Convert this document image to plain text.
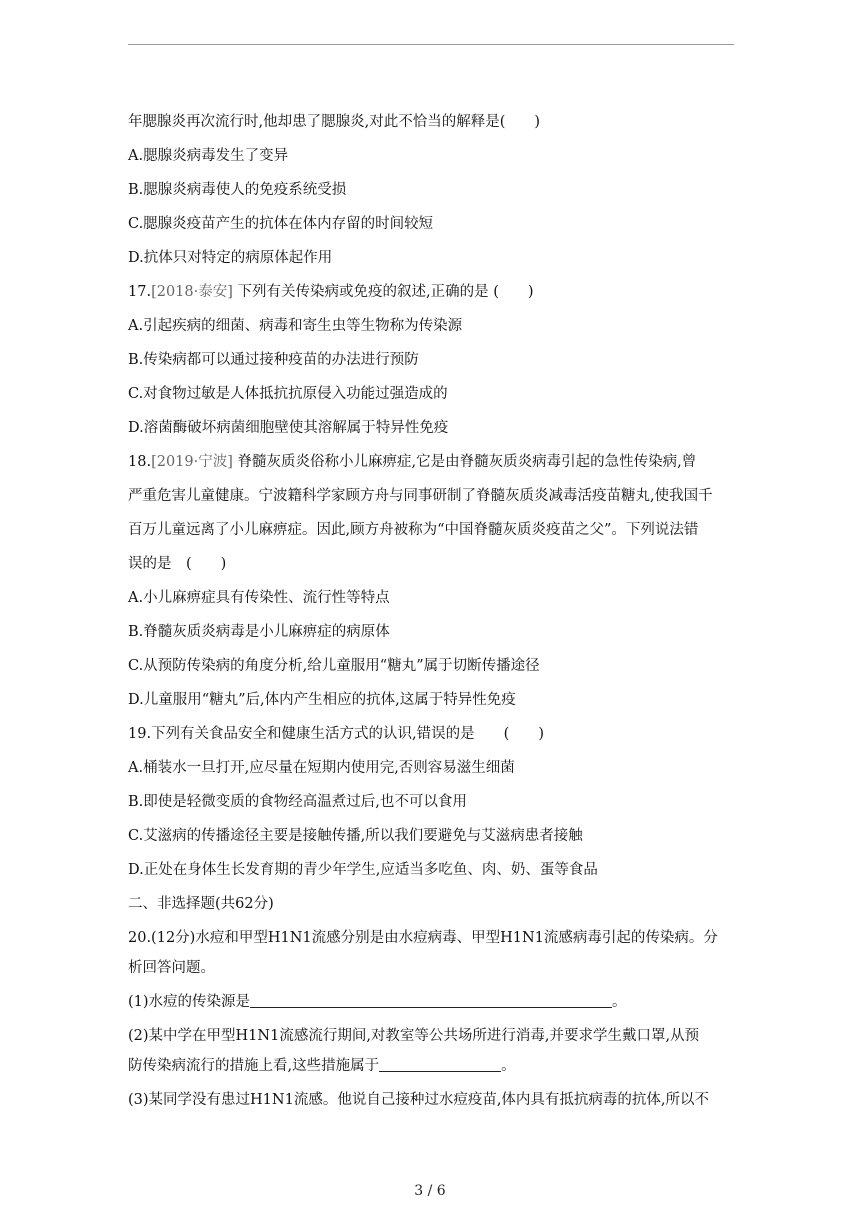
年腮腺炎再次流行时,他却患了腮腺炎,对此不恰当的解释是(　　)
A.腮腺炎病毒发生了变异
B.腮腺炎病毒使人的免疫系统受损
C.腮腺炎疫苗产生的抗体在体内存留的时间较短
D.抗体只对特定的病原体起作用
17.[2018·泰安] 下列有关传染病或免疫的叙述,正确的是 (　　)
A.引起疾病的细菌、病毒和寄生虫等生物称为传染源
B.传染病都可以通过接种疫苗的办法进行预防
C.对食物过敏是人体抵抗抗原侵入功能过强造成的
D.溶菌酶破坏病菌细胞壁使其溶解属于特异性免疫
18.[2019·宁波] 脊髓灰质炎俗称小儿麻痹症,它是由脊髓灰质炎病毒引起的急性传染病,曾
严重危害儿童健康。宁波籍科学家顾方舟与同事研制了脊髓灰质炎减毒活疫苗糖丸,使我国千
百万儿童远离了小儿麻痹症。因此,顾方舟被称为“中国脊髓灰质炎疫苗之父”。下列说法错
误的是　(　　)
A.小儿麻痹症具有传染性、流行性等特点
B.脊髓灰质炎病毒是小儿麻痹症的病原体
C.从预防传染病的角度分析,给儿童服用“糖丸”属于切断传播途径
D.儿童服用“糖丸”后,体内产生相应的抗体,这属于特异性免疫
19.下列有关食品安全和健康生活方式的认识,错误的是　　(　　)
A.桶装水一旦打开,应尽量在短期内使用完,否则容易滋生细菌
B.即使是轻微变质的食物经高温煮过后,也不可以食用
C.艾滋病的传播途径主要是接触传播,所以我们要避免与艾滋病患者接触
D.正处在身体生长发育期的青少年学生,应适当多吃鱼、肉、奶、蛋等食品
二、非选择题(共62分)
20.(12分)水痘和甲型H1N1流感分别是由水痘病毒、甲型H1N1流感病毒引起的传染病。分
析回答问题。
(1)水痘的传染源是	。
(2)某中学在甲型H1N1流感流行期间,对教室等公共场所进行消毒,并要求学生戴口罩,从预
防传染病流行的措施上看,这些措施属于	。
(3)某同学没有患过H1N1流感。他说自己接种过水痘疫苗,体内具有抵抗病毒的抗体,所以不
3 / 6
